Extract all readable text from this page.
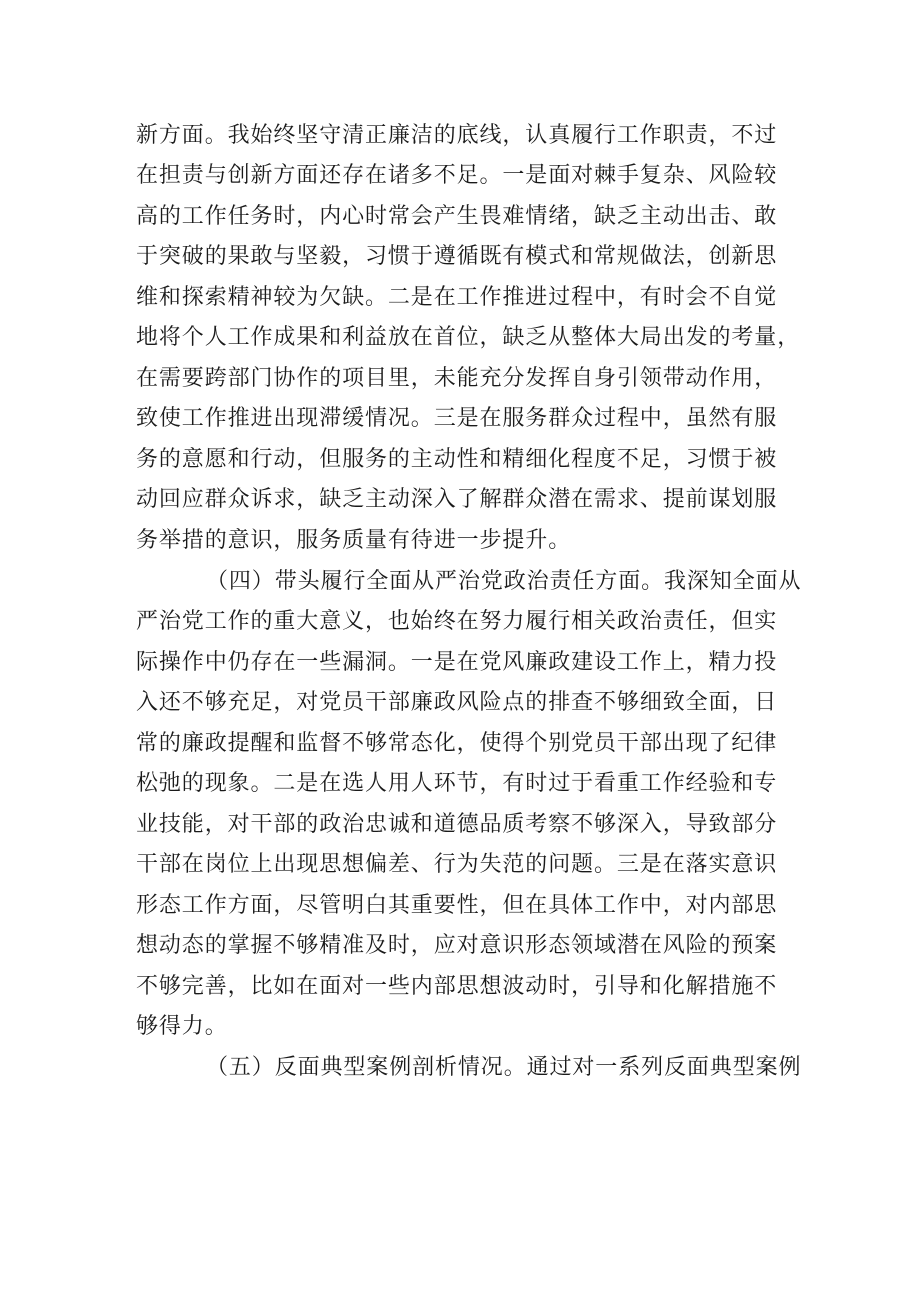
新方面。我始终坚守清正廉洁的底线，认真履行工作职责，不过
在担责与创新方面还存在诸多不足。一是面对棘手复杂、风险较
高的工作任务时，内心时常会产生畏难情绪，缺乏主动出击、敢
于突破的果敢与坚毅，习惯于遵循既有模式和常规做法，创新思
维和探索精神较为欠缺。二是在工作推进过程中，有时会不自觉
地将个人工作成果和利益放在首位，缺乏从整体大局出发的考量，
在需要跨部门协作的项目里，未能充分发挥自身引领带动作用，
致使工作推进出现滞缓情况。三是在服务群众过程中，虽然有服
务的意愿和行动，但服务的主动性和精细化程度不足，习惯于被
动回应群众诉求，缺乏主动深入了解群众潜在需求、提前谋划服
务举措的意识，服务质量有待进一步提升。
（四）带头履行全面从严治党政治责任方面。我深知全面从
严治党工作的重大意义，也始终在努力履行相关政治责任，但实
际操作中仍存在一些漏洞。一是在党风廉政建设工作上，精力投
入还不够充足，对党员干部廉政风险点的排查不够细致全面，日
常的廉政提醒和监督不够常态化，使得个别党员干部出现了纪律
松弛的现象。二是在选人用人环节，有时过于看重工作经验和专
业技能，对干部的政治忠诚和道德品质考察不够深入，导致部分
干部在岗位上出现思想偏差、行为失范的问题。三是在落实意识
形态工作方面，尽管明白其重要性，但在具体工作中，对内部思
想动态的掌握不够精准及时，应对意识形态领域潜在风险的预案
不够完善，比如在面对一些内部思想波动时，引导和化解措施不
够得力。
（五）反面典型案例剖析情况。通过对一系列反面典型案例
